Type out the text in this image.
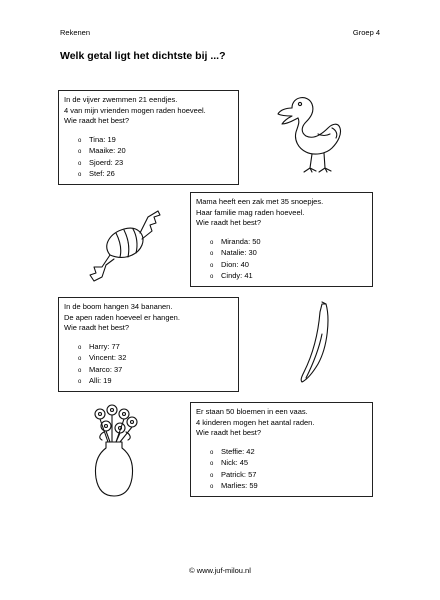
Rekenen	Groep 4
Welk getal ligt het dichtste bij ...?

In de vijver zwemmen 21 eendjes.

4 van mijn vrienden mogen raden hoeveel.

Wie raadt het best?

o Tina: 19
o Maaike: 20
o Sjoerd: 23
o Stef: 26

Mama heeft een zak met 35 snoepjes.

Haar familie mag raden hoeveel.

Wie raadt het best?

o Miranda: 50
o Natalie: 30
o Dion: 40
o Cindy: 41

In de boom hangen 34 bananen.

De apen raden hoeveel er hangen.

Wie raadt het best?

o Harry: 77
o Vincent: 32
o Marco: 37
o Alli: 19

Er staan 50 bloemen in een vaas.

4 kinderen mogen het aantal raden.

Wie raadt het best?

o Steffie: 42
o Nick: 45
o Patrick: 57
o Marlies: 59
© www.juf-milou.nl
